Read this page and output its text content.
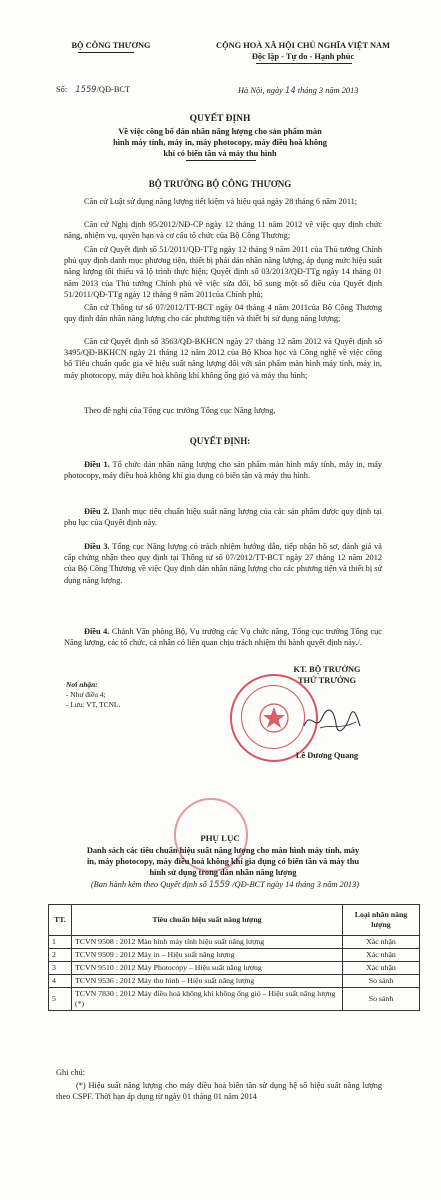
BỘ CÔNG THƯƠNG	CỘNG HOÀ XÃ HỘI CHỦ NGHĨA VIỆT NAM
Độc lập - Tự do - Hạnh phúc
Số: 1559/QĐ-BCT	Hà Nội, ngày 14 tháng 3 năm 2013
QUYẾT ĐỊNH
Về việc công bố dán nhãn năng lượng cho sản phẩm màn
hình máy tính, máy in, máy photocopy, máy điều hoà không
khí có biến tần và máy thu hình
BỘ TRƯỞNG BỘ CÔNG THƯƠNG
Căn cứ Luật sử dụng năng lượng tiết kiệm và hiệu quả ngày 28 tháng 6 năm 2011;
Căn cứ Nghị định 95/2012/NĐ-CP ngày 12 tháng 11 năm 2012 về việc quy định chức năng, nhiệm vụ, quyền hạn và cơ cấu tổ chức của Bộ Công Thương;
Căn cứ Quyết định số 51/2011/QĐ-TTg ngày 12 tháng 9 năm 2011 của Thủ tướng Chính phủ quy định danh mục phương tiện, thiết bị phải dán nhãn năng lượng, áp dụng mức hiệu suất năng lượng tối thiểu và lộ trình thực hiện; Quyết định số 03/2013/QĐ-TTg ngày 14 tháng 01 năm 2013 của Thủ tướng Chính phủ về việc sửa đổi, bổ sung một số điều của Quyết định 51/2011/QĐ-TTg ngày 12 tháng 9 năm 2011của Chính phủ;
Căn cứ Thông tư số 07/2012/TT-BCT ngày 04 tháng 4 năm 2011của Bộ Công Thương quy định dán nhãn năng lượng cho các phương tiện và thiết bị sử dụng năng lượng;
Căn cứ Quyết định số 3563/QĐ-BKHCN ngày 27 tháng 12 năm 2012 và Quyết định số 3495/QĐ-BKHCN ngày 21 tháng 12 năm 2012 của Bộ Khoa học và Công nghệ về việc công bố Tiêu chuẩn quốc gia về hiệu suất năng lượng đối với sản phẩm màn hình máy tính, máy in, máy photocopy, máy điều hoà không khí không ống gió và máy thu hình;
Theo đề nghị của Tổng cục trưởng Tổng cục Năng lượng,
QUYẾT ĐỊNH:
Điều 1. Tổ chức dán nhãn năng lượng cho sản phẩm màn hình máy tính, máy in, máy photocopy, máy điều hoà không khí gia dụng có biến tần và máy thu hình.
Điều 2. Danh mục tiêu chuẩn hiệu suất năng lượng của các sản phẩm được quy định tại phụ lục của Quyết định này.
Điều 3. Tổng cục Năng lượng có trách nhiệm hướng dẫn, tiếp nhận hồ sơ, đánh giá và cấp chứng nhận theo quy định tại Thông tư số 07/2012/TT-BCT ngày 27 tháng 12 năm 2012 của Bộ Công Thương về việc Quy định dán nhãn năng lượng cho các phương tiện và thiết bị sử dụng năng lượng.
Điều 4. Chánh Văn phòng Bộ, Vụ trưởng các Vụ chức năng, Tổng cục trưởng Tổng cục Năng lượng, các tổ chức, cá nhân có liên quan chịu trách nhiệm thi hành quyết định này./.
Nơi nhận:
- Như điều 4;
- Lưu: VT, TCNL.
KT. BỘ TRƯỞNG
THỨ TRƯỞNG
Lê Dương Quang
PHỤ LỤC
Danh sách các tiêu chuẩn hiệu suất năng lượng cho màn hình máy tính, máy
in, máy photocopy, máy điều hoà không khí gia dụng có biến tần và máy thu
hình sử dụng trong dán nhãn năng lượng
(Ban hành kèm theo Quyết định số 1559 /QĐ-BCT ngày 14 tháng 3 năm 2013)
TT.	Tiêu chuẩn hiệu suất năng lượng	Loại nhãn năng lượng
1	TCVN 9508 : 2012 Màn hình máy tính hiệu suất năng lượng	Xác nhận
2	TCVN 9509 : 2012 Máy in – Hiệu suất năng lượng	Xác nhận
3	TCVN 9510 : 2012 Máy Photocopy – Hiệu suất năng lượng	Xác nhận
4	TCVN 9536 : 2012 Máy thu hình – Hiệu suất năng lượng	So sánh
5	TCVN 7830 : 2012 Máy điều hoà không khí không ống gió – Hiệu suất năng lượng (*)	So sánh
Ghi chú:
(*) Hiệu suất năng lượng cho máy điều hoà biến tần sử dụng hệ số hiệu suất năng lượng theo CSPF. Thời hạn áp dụng từ ngày 01 tháng 01 năm 2014
